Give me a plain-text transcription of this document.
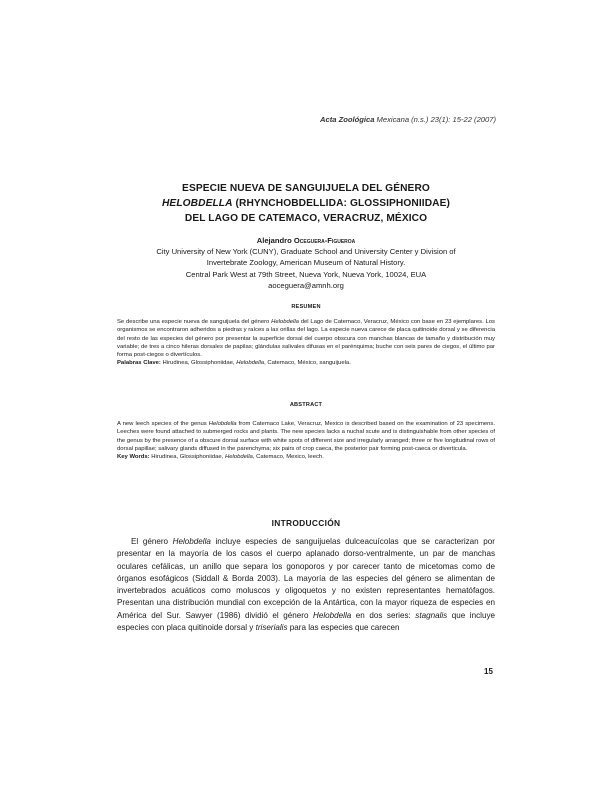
Acta Zoológica Mexicana (n.s.) 23(1): 15-22 (2007)
ESPECIE NUEVA DE SANGUIJUELA DEL GÉNERO
HELOBDELLA (RHYNCHOBDELLIDA: GLOSSIPHONIIDAE)
DEL LAGO DE CATEMACO, VERACRUZ, MÉXICO
Alejandro Oceguera-Figueroa
City University of New York (CUNY), Graduate School and University Center y Division of
Invertebrate Zoology, American Museum of Natural History.
Central Park West at 79th Street, Nueva York, Nueva York, 10024, EUA
aoceguera@amnh.org
RESUMEN

Se describe una especie nueva de sanguijuela del género Helobdella del Lago de Catemaco, Veracruz, México con base en 23 ejemplares. Los organismos se encontraron adheridos a piedras y raíces a las orillas del lago. La especie nueva carece de placa quitinoide dorsal y se diferencia del resto de las especies del género por presentar la superficie dorsal del cuerpo obscura con manchas blancas de tamaño y distribución muy variable; de tres a cinco hileras dorsales de papilas; glándulas salivales difusas en el parénquima; buche con seis pares de ciegos, el último par forma post-ciegos o divertículos.

Palabras Clave: Hirudinea, Glossiphoniidae, Helobdella, Catemaco, México, sanguijuela.

ABSTRACT

A new leech species of the genus Helobdella from Catemaco Lake, Veracruz, Mexico is described based on the examination of 23 specimens. Leeches were found attached to submerged rocks and plants. The new species lacks a nuchal scute and is distinguishable from other species of the genus by the presence of a obscure dorsal surface with white spots of different size and irregularly arranged; three or five longitudinal rows of dorsal papillae; salivary glands diffused in the parenchyma; six pairs of crop caeca, the posterior pair forming post-caeca or diverticula.

Key Words: Hirudinea, Glossiphoniidae, Helobdella, Catemaco, Mexico, leech.

INTRODUCCIÓN

El género Helobdella incluye especies de sanguijuelas dulceacuícolas que se caracterizan por presentar en la mayoría de los casos el cuerpo aplanado dorso-ventralmente, un par de manchas oculares cefálicas, un anillo que separa los gonoporos y por carecer tanto de micetomas como de órganos esofágicos (Siddall & Borda 2003). La mayoría de las especies del género se alimentan de invertebrados acuáticos como moluscos y oligoquetos y no existen representantes hematófagos. Presentan una distribución mundial con excepción de la Antártica, con la mayor riqueza de especies en América del Sur. Sawyer (1986) dividió el género Helobdella en dos series: stagnalis que incluye especies con placa quitinoide dorsal y triserialis para las especies que carecen

15
